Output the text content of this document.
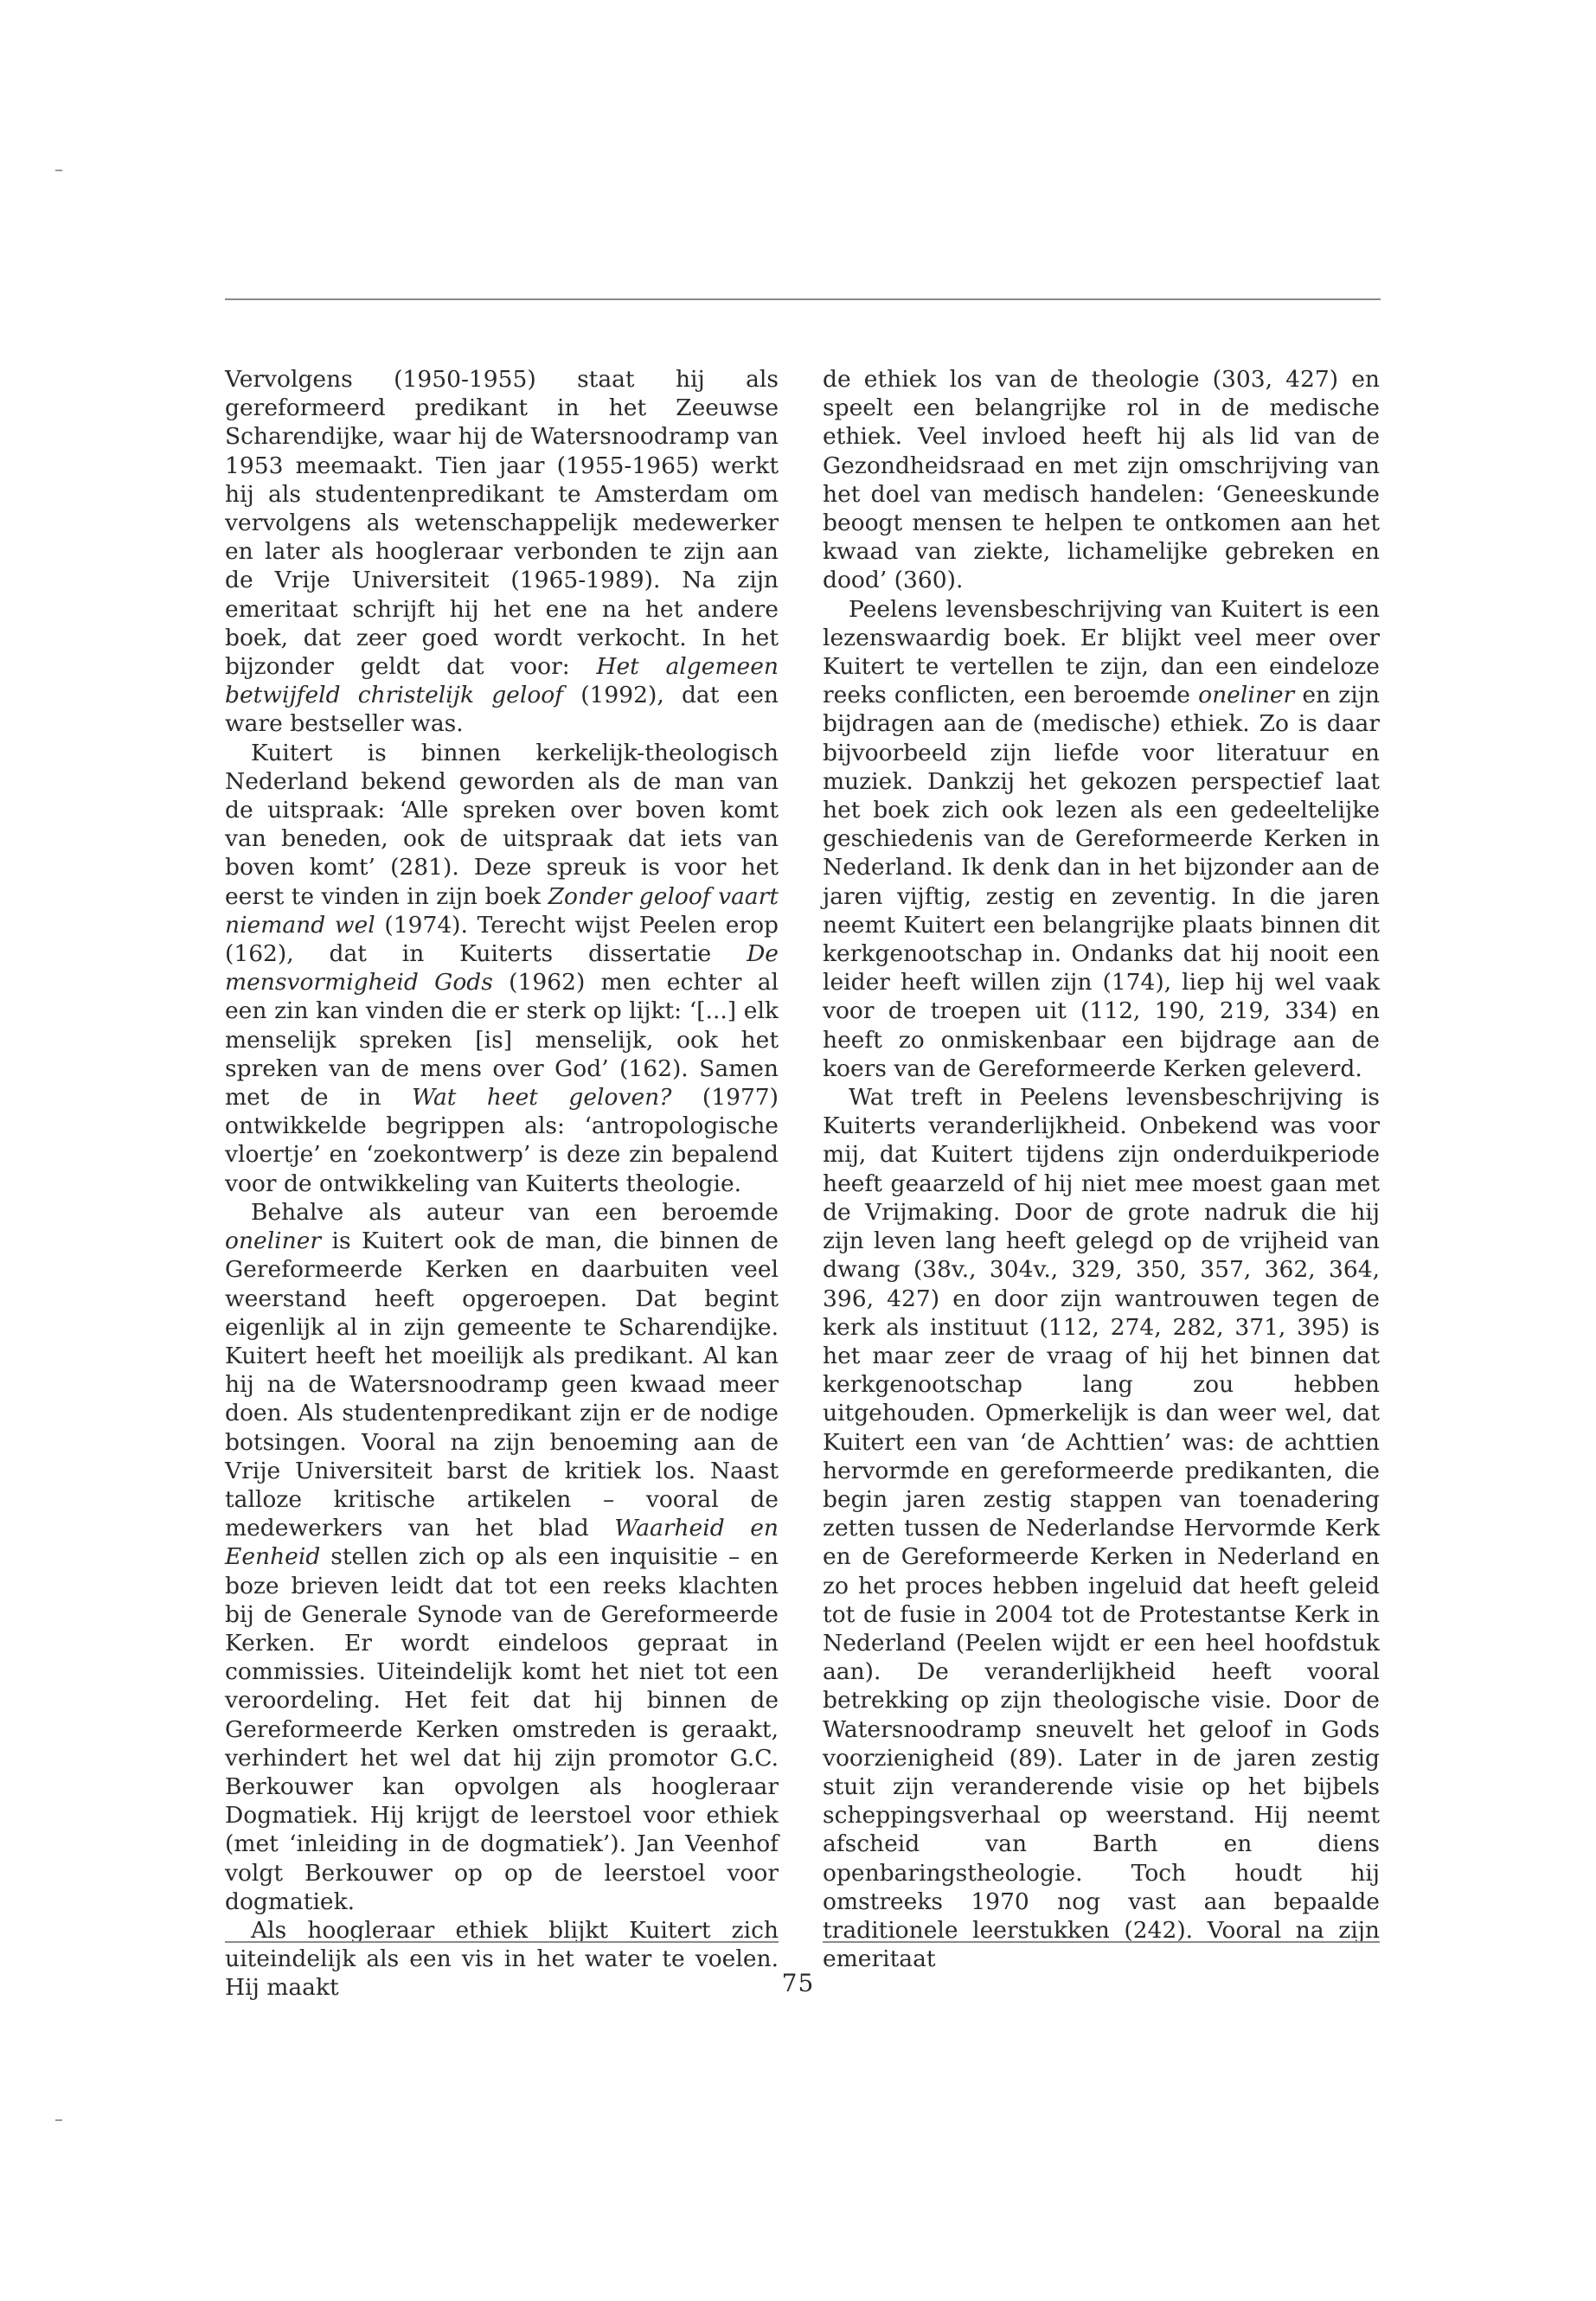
Vervolgens (1950-1955) staat hij als gereformeerd predikant in het Zeeuwse Scharendijke, waar hij de Watersnoodramp van 1953 meemaakt. Tien jaar (1955-1965) werkt hij als studentenpredikant te Amsterdam om vervolgens als wetenschappelijk medewerker en later als hoogleraar verbonden te zijn aan de Vrije Universiteit (1965-1989). Na zijn emeritaat schrijft hij het ene na het andere boek, dat zeer goed wordt verkocht. In het bijzonder geldt dat voor: Het algemeen betwijfeld christelijk geloof (1992), dat een ware bestseller was.

Kuitert is binnen kerkelijk-theologisch Nederland bekend geworden als de man van de uitspraak: ‘Alle spreken over boven komt van beneden, ook de uitspraak dat iets van boven komt’ (281). Deze spreuk is voor het eerst te vinden in zijn boek Zonder geloof vaart niemand wel (1974). Terecht wijst Peelen erop (162), dat in Kuiterts dissertatie De mensvormigheid Gods (1962) men echter al een zin kan vinden die er sterk op lijkt: ‘[...] elk menselijk spreken [is] menselijk, ook het spreken van de mens over God’ (162). Samen met de in Wat heet geloven? (1977) ontwikkelde begrippen als: ‘antropologische vloertje’ en ‘zoekontwerp’ is deze zin bepalend voor de ontwikkeling van Kuiterts theologie.

Behalve als auteur van een beroemde oneliner is Kuitert ook de man, die binnen de Gereformeerde Kerken en daarbuiten veel weerstand heeft opgeroepen. Dat begint eigenlijk al in zijn gemeente te Scharendijke. Kuitert heeft het moeilijk als predikant. Al kan hij na de Watersnoodramp geen kwaad meer doen. Als studentenpredikant zijn er de nodige botsingen. Vooral na zijn benoeming aan de Vrije Universiteit barst de kritiek los. Naast talloze kritische artikelen – vooral de medewerkers van het blad Waarheid en Eenheid stellen zich op als een inquisitie – en boze brieven leidt dat tot een reeks klachten bij de Generale Synode van de Gereformeerde Kerken. Er wordt eindeloos gepraat in commissies. Uiteindelijk komt het niet tot een veroordeling. Het feit dat hij binnen de Gereformeerde Kerken omstreden is geraakt, verhindert het wel dat hij zijn promotor G.C. Berkouwer kan opvolgen als hoogleraar Dogmatiek. Hij krijgt de leerstoel voor ethiek (met ‘inleiding in de dogmatiek’). Jan Veenhof volgt Berkouwer op op de leerstoel voor dogmatiek.

Als hoogleraar ethiek blijkt Kuitert zich uiteindelijk als een vis in het water te voelen. Hij maakt

de ethiek los van de theologie (303, 427) en speelt een belangrijke rol in de medische ethiek. Veel invloed heeft hij als lid van de Gezondheidsraad en met zijn omschrijving van het doel van medisch handelen: ‘Geneeskunde beoogt mensen te helpen te ontkomen aan het kwaad van ziekte, lichamelijke gebreken en dood’ (360).

Peelens levensbeschrijving van Kuitert is een lezenswaardig boek. Er blijkt veel meer over Kuitert te vertellen te zijn, dan een eindeloze reeks conflicten, een beroemde oneliner en zijn bijdragen aan de (medische) ethiek. Zo is daar bijvoorbeeld zijn liefde voor literatuur en muziek. Dankzij het gekozen perspectief laat het boek zich ook lezen als een gedeeltelijke geschiedenis van de Gereformeerde Kerken in Nederland. Ik denk dan in het bijzonder aan de jaren vijftig, zestig en zeventig. In die jaren neemt Kuitert een belangrijke plaats binnen dit kerkgenootschap in. Ondanks dat hij nooit een leider heeft willen zijn (174), liep hij wel vaak voor de troepen uit (112, 190, 219, 334) en heeft zo onmiskenbaar een bijdrage aan de koers van de Gereformeerde Kerken geleverd.

Wat treft in Peelens levensbeschrijving is Kuiterts veranderlijkheid. Onbekend was voor mij, dat Kuitert tijdens zijn onderduikperiode heeft geaarzeld of hij niet mee moest gaan met de Vrijmaking. Door de grote nadruk die hij zijn leven lang heeft gelegd op de vrijheid van dwang (38v., 304v., 329, 350, 357, 362, 364, 396, 427) en door zijn wantrouwen tegen de kerk als instituut (112, 274, 282, 371, 395) is het maar zeer de vraag of hij het binnen dat kerkgenootschap lang zou hebben uitgehouden. Opmerkelijk is dan weer wel, dat Kuitert een van ‘de Achttien’ was: de achttien hervormde en gereformeerde predikanten, die begin jaren zestig stappen van toenadering zetten tussen de Nederlandse Hervormde Kerk en de Gereformeerde Kerken in Nederland en zo het proces hebben ingeluid dat heeft geleid tot de fusie in 2004 tot de Protestantse Kerk in Nederland (Peelen wijdt er een heel hoofdstuk aan). De veranderlijkheid heeft vooral betrekking op zijn theologische visie. Door de Watersnoodramp sneuvelt het geloof in Gods voorzienigheid (89). Later in de jaren zestig stuit zijn veranderende visie op het bijbels scheppingsverhaal op weerstand. Hij neemt afscheid van Barth en diens openbaringstheologie. Toch houdt hij omstreeks 1970 nog vast aan bepaalde traditionele leerstukken (242). Vooral na zijn emeritaat

75
